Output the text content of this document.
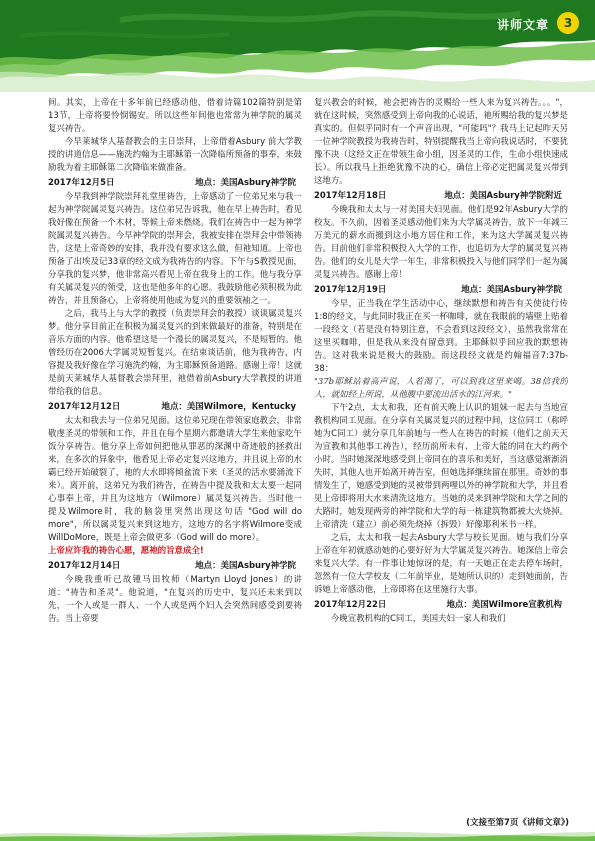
讲师文章	3

间。其实，上帝在十多年前已经感动他，借着诗篇102篇特别是第13节，上帝将要怜悯锡安。所以这些年间他也常常为神学院的属灵复兴祷告。

今早莱城华人基督教会的主日崇拜，上帝借着Asbury 前大学教授的讲道信息——施洗约翰为主耶稣第一次降临所预备的事奉，来鼓励我为着主耶稣第二次降临来做准备。

2017年12月5日	地点：美国Asbury神学院

今早我到神学院崇拜礼堂里祷告，上帝感动了一位弟兄来与我一起为神学院属灵复兴祷告。这位弟兄告诉我，他在早上祷告时，看见我好像在预备一个木材，等候上帝来燃烧。我们在祷告中一起为神学院属灵复兴祷告。今早神学院的崇拜会，我被安排在崇拜会中带领祷告，这是上帝奇妙的安排，我并没有要求这么做，但祂知道。上帝也预备了出埃及记33章的经文成为我祷告的内容。下午与S教授见面，分享我的复兴梦，他非常高兴看见上帝在我身上的工作。他与我分享有关属灵复兴的领受，这也是他多年的心愿。我鼓励他必须积极为此祷告，并且预备心，上帝将使用他成为复兴的重要领袖之一。

之后，我马上与大学的教授（负责崇拜会的教授）谈谈属灵复兴梦。他分享目前正在积极为属灵复兴的到来做最好的准备，特别是在音乐方面的内容。他希望这是一个漫长的属灵复兴，不是短暂的。他曾经历在2006大学属灵短暂复兴。在结束谈话前，他为我祷告，内容提及我好像在学习施洗约翰，为主耶稣预备道路。感谢上帝！这就是前天莱城华人基督教会崇拜里，祂借着前Asbury大学教授的讲道带给我的信息。

2017年12月12日	地点：美国Wilmore，Kentucky

太太和我去与一位弟兄见面。这位弟兄现在带领家庭教会，非常敬虔圣灵的带领和工作，并且在每个星期六都邀请大学生来他家吃午饭分享祷告。他分享上帝如何把他从罪恶的深渊中奇迹般的拯救出来，在多次的异象中，他看见上帝必定复兴这地方，并且说上帝的水霸已经开始破裂了，祂的大水即将倾盆流下来（圣灵的活水要涌流下来）。离开前，这弟兄为我们祷告，在祷告中提及我和太太要一起同心事奉上帝，并且为这地方（Wilmore）属灵复兴祷告。当时他一提及Wilmore时，我的脑袋里突然出现这句话 "God will do more"，所以属灵复兴来到这地方，这地方的名字将Wilmore变成WillDoMore，既是上帝会做更多（God will do more）。

上帝应许我的祷告心愿，愿祂的旨意成全!

2017年12月14日	地点：美国Asbury神学院

今晚我重听已故锺马田牧师（Martyn Lloyd Jones）的讲道："祷告和圣灵"。他说道，"在复兴的历史中，复兴还未来到以先，一个人或是一群人、一个人或是两个妇人会突然间感受到要祷告。当上帝要

复兴教会的时候，祂会把祷告的灵赐给一些人来为复兴祷告。。。"，就在这时候，突然感受到上帝向我的心说话，祂所赐给我的复兴梦是真实的。但似乎同时有一个声音出现，"可能吗"？我马上记起昨天另一位神学院教授为我祷告时，特别提醒我当上帝向我说话时，不要犹豫不决（这经文正在带领生命小组，因圣灵的工作，生命小组快速成长）。所以我马上拒绝犹豫不决的心，确信上帝必定把属灵复兴带到这地方。

2017年12月18日	地点：美国Asbury神学院附近

今晚我和太太与一对美国夫妇见面。他们是92年Asbury大学的校友。不久前，因着圣灵感动他们来为大学属灵祷告，放下一年减三万美元的薪水而搬到这小地方居住和工作，来为这大学属灵复兴祷告。目前他们非常积极投入大学的工作，也追切为大学的属灵复兴祷告。他们的女儿是大学一年生，非常积极投入与他们同学们一起为属灵复兴祷告。感谢上帝！

2017年12月19日	地点：美国Asbury神学院

今早，正当我在学生活动中心，继续默想和祷告有关使徒行传1:8的经文，与此同时我正在买一杯咖啡，就在我眼前的墙壁上贴着一段经文（若是没有特别注意，不会看到这段经文），虽然我常常在这里买咖啡，但是我从来没有留意到。主耶稣似乎回应我的默想祷告。这对我来说是极大的鼓励。而这段经文就是约翰福音7:37b-38：

"37b耶稣站着高声说，人若渴了，可以到我这里来喝。38信我的人，就如经上所说，从他腹中要流出活水的江河来。"

下午2点，太太和我，还有前天晚上认识的姐妹一起去与当地宣教机构同工见面。在分享有关属灵复兴的过程中间，这位同工（称呼她为C同工）就分享几年前她与一些人在祷告的时候（他们之前天天为宣教和其他事工祷告），经历前所未有、上帝大能的同在大约两个小时。当时她深深地感受到上帝同在的喜乐和美好，当这感觉渐渐消失时，其他人也开始离开祷告室，但她选择继续留在那里。奇妙的事情发生了，她感受到她的灵被带到两哩以外的神学院和大学，并且看见上帝即将用大水来清洗这地方。当她的灵来到神学院和大学之间的大路时，她发现两旁的神学院和大学的每一栋建筑物都被大火烧掉。上帝清洗（建立）前必须先烧掉（拆毁）好像耶利米书一样。

之后，太太和我一起去Asbury大学与校长见面。她与我们分享上帝在年初就感动她的心要好好为大学属灵复兴祷告。她深信上帝会来复兴大学。有一件事让她惊讶的是，有一天她正在走去停车场时，忽然有一位大学校友（二年前毕业，是她所认识的）走到她面前，告诉她上帝感动他，上帝即将在这里施行大事。

2017年12月22日	地点：美国Wilmore宣教机构

今晚宣教机构的C同工，美国夫妇一家人和我们

(文接至第7页《讲师文章》)
